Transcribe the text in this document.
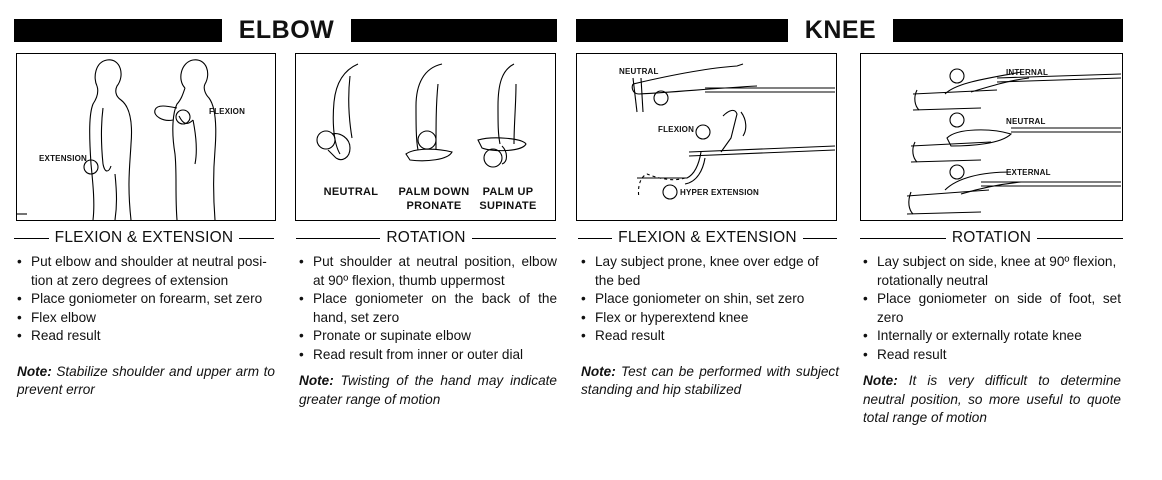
ELBOW	KNEE
EXTENSION
FLEXION
NEUTRAL	PALM DOWN
PRONATE
PALM UP
SUPINATE
NEUTRAL
FLEXION
HYPER EXTENSION
INTERNAL
NEUTRAL
EXTERNAL
FLEXION & EXTENSION	ROTATION	FLEXION & EXTENSION	ROTATION
• Put elbow and shoulder at neutral posi-tion at zero degrees of extension
• Place goniometer on forearm, set zero
• Flex elbow
• Read result
Note: Stabilize shoulder and upper arm to prevent error
• Put shoulder at neutral position, elbow at 90º flexion, thumb uppermost
• Place goniometer on the back of the hand, set zero
• Pronate or supinate elbow
• Read result from inner or outer dial
Note: Twisting of the hand may indicate greater range of motion
• Lay subject prone, knee over edge of the bed
• Place goniometer on shin, set zero
• Flex or hyperextend knee
• Read result
Note: Test can be performed with subject standing and hip stabilized
• Lay subject on side, knee at 90º flexion, rotationally neutral
• Place goniometer on side of foot, set zero
• Internally or externally rotate knee
• Read result
Note: It is very difficult to determine neutral position, so more useful to quote total range of motion
